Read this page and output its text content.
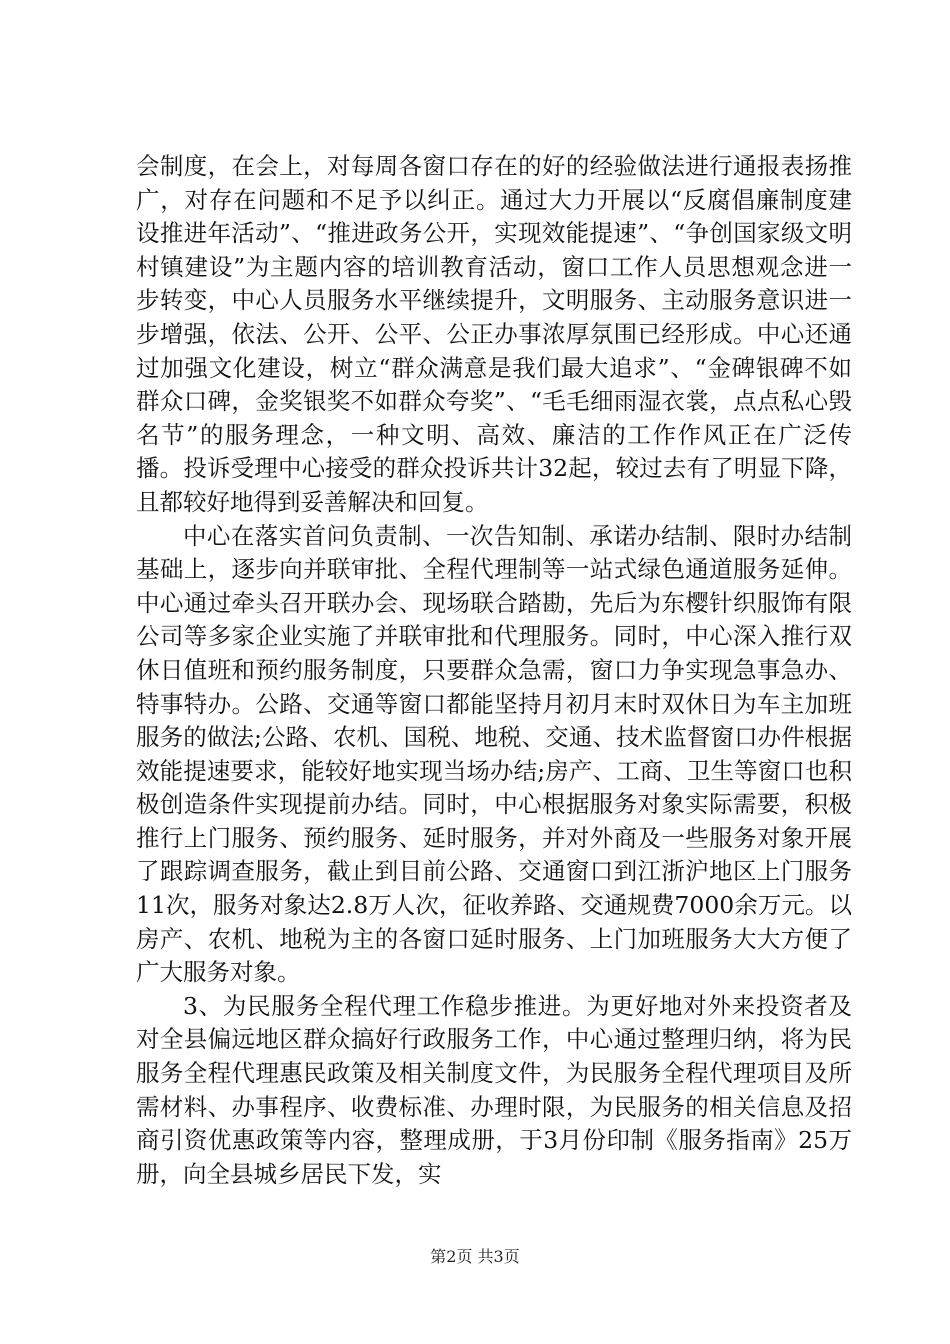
会制度，在会上，对每周各窗口存在的好的经验做法进行通报表扬推广，对存在问题和不足予以纠正。通过大力开展以“反腐倡廉制度建设推进年活动”、“推进政务公开，实现效能提速”、“争创国家级文明村镇建设”为主题内容的培训教育活动，窗口工作人员思想观念进一步转变，中心人员服务水平继续提升，文明服务、主动服务意识进一步增强，依法、公开、公平、公正办事浓厚氛围已经形成。中心还通过加强文化建设，树立“群众满意是我们最大追求”、“金碑银碑不如群众口碑，金奖银奖不如群众夸奖”、“毛毛细雨湿衣裳，点点私心毁名节”的服务理念，一种文明、高效、廉洁的工作作风正在广泛传播。投诉受理中心接受的群众投诉共计32起，较过去有了明显下降，且都较好地得到妥善解决和回复。

中心在落实首问负责制、一次告知制、承诺办结制、限时办结制基础上，逐步向并联审批、全程代理制等一站式绿色通道服务延伸。中心通过牵头召开联办会、现场联合踏勘，先后为东樱针织服饰有限公司等多家企业实施了并联审批和代理服务。同时，中心深入推行双休日值班和预约服务制度，只要群众急需，窗口力争实现急事急办、特事特办。公路、交通等窗口都能坚持月初月末时双休日为车主加班服务的做法;公路、农机、国税、地税、交通、技术监督窗口办件根据效能提速要求，能较好地实现当场办结;房产、工商、卫生等窗口也积极创造条件实现提前办结。同时，中心根据服务对象实际需要，积极推行上门服务、预约服务、延时服务，并对外商及一些服务对象开展了跟踪调查服务，截止到目前公路、交通窗口到江浙沪地区上门服务11次，服务对象达2.8万人次，征收养路、交通规费7000余万元。以房产、农机、地税为主的各窗口延时服务、上门加班服务大大方便了广大服务对象。

3、为民服务全程代理工作稳步推进。为更好地对外来投资者及对全县偏远地区群众搞好行政服务工作，中心通过整理归纳，将为民服务全程代理惠民政策及相关制度文件，为民服务全程代理项目及所需材料、办事程序、收费标准、办理时限，为民服务的相关信息及招商引资优惠政策等内容，整理成册，于3月份印制《服务指南》25万册，向全县城乡居民下发，实

第2页 共3页
